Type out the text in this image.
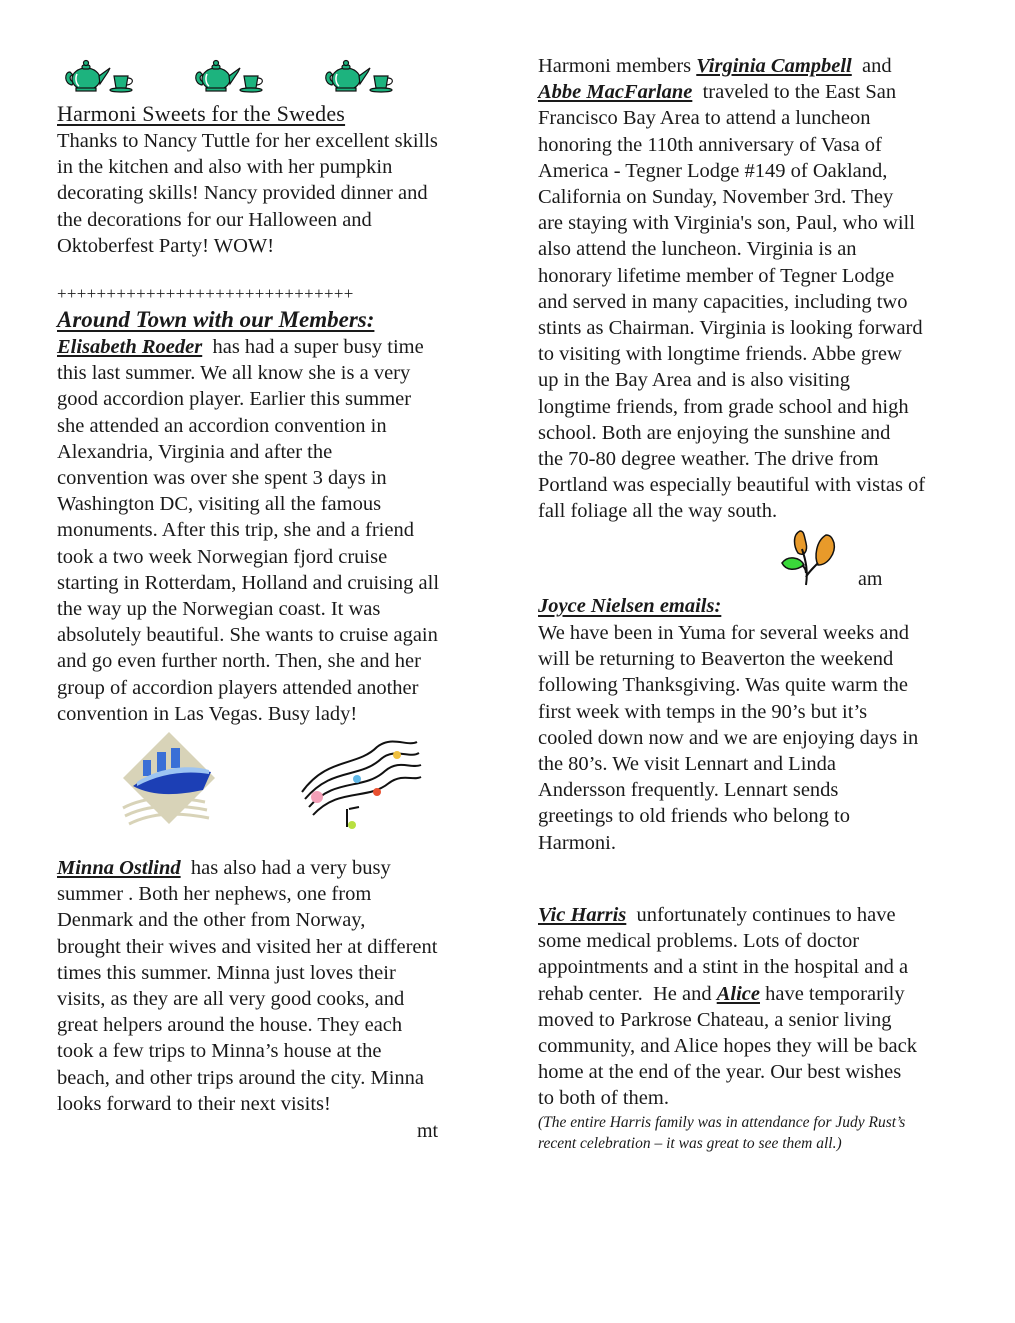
Harmoni Sweets for the Swedes
Thanks to Nancy Tuttle for her excellent skills
in the kitchen and also with her pumpkin
decorating skills! Nancy provided dinner and
the decorations for our Halloween and
Oktoberfest Party! WOW!
++++++++++++++++++++++++++++++
Around Town with our Members:
Elisabeth Roeder  has had a super busy time
this last summer. We all know she is a very
good accordion player. Earlier this summer
she attended an accordion convention in
Alexandria, Virginia and after the
convention was over she spent 3 days in
Washington DC, visiting all the famous
monuments. After this trip, she and a friend
took a two week Norwegian fjord cruise
starting in Rotterdam, Holland and cruising all
the way up the Norwegian coast. It was
absolutely beautiful. She wants to cruise again
and go even further north. Then, she and her
group of accordion players attended another
convention in Las Vegas. Busy lady!
Minna Ostlind  has also had a very busy
summer . Both her nephews, one from
Denmark and the other from Norway,
brought their wives and visited her at different
times this summer. Minna just loves their
visits, as they are all very good cooks, and
great helpers around the house. They each
took a few trips to Minna’s house at the
beach, and other trips around the city. Minna
looks forward to their next visits!
mt
Harmoni members Virginia Campbell  and
Abbe MacFarlane  traveled to the East San
Francisco Bay Area to attend a luncheon
honoring the 110th anniversary of Vasa of
America - Tegner Lodge #149 of Oakland,
California on Sunday, November 3rd. They
are staying with Virginia's son, Paul, who will
also attend the luncheon. Virginia is an
honorary lifetime member of Tegner Lodge
and served in many capacities, including two
stints as Chairman. Virginia is looking forward
to visiting with longtime friends. Abbe grew
up in the Bay Area and is also visiting
longtime friends, from grade school and high
school. Both are enjoying the sunshine and
the 70-80 degree weather. The drive from
Portland was especially beautiful with vistas of
fall foliage all the way south.
am
Joyce Nielsen emails:
We have been in Yuma for several weeks and
will be returning to Beaverton the weekend
following Thanksgiving. Was quite warm the
first week with temps in the 90’s but it’s
cooled down now and we are enjoying days in
the 80’s. We visit Lennart and Linda
Andersson frequently. Lennart sends
greetings to old friends who belong to
Harmoni.
Vic Harris  unfortunately continues to have
some medical problems. Lots of doctor
appointments and a stint in the hospital and a
rehab center.  He and Alice have temporarily
moved to Parkrose Chateau, a senior living
community, and Alice hopes they will be back
home at the end of the year. Our best wishes
to both of them.
(The entire Harris family was in attendance for Judy Rust’s
recent celebration – it was great to see them all.)
